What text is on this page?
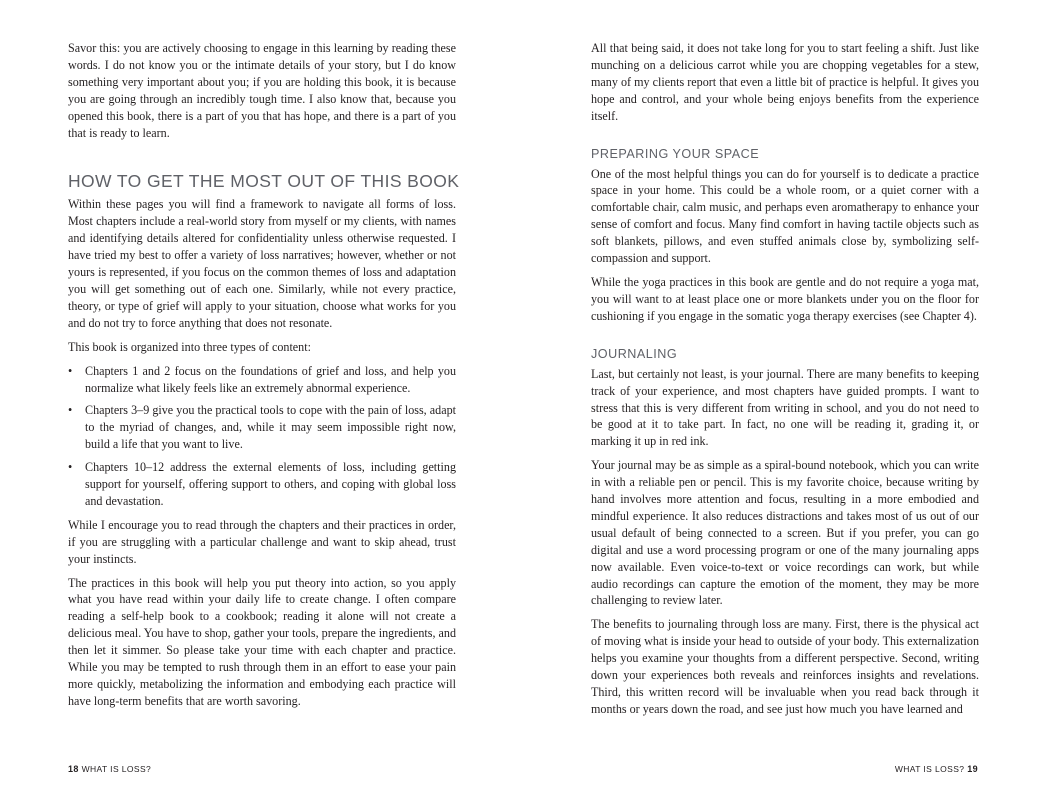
Savor this: you are actively choosing to engage in this learning by reading these words. I do not know you or the intimate details of your story, but I do know something very important about you; if you are holding this book, it is because you are going through an incredibly tough time. I also know that, because you opened this book, there is a part of you that has hope, and there is a part of you that is ready to learn.

HOW TO GET THE MOST OUT OF THIS BOOK

Within these pages you will find a framework to navigate all forms of loss. Most chapters include a real-world story from myself or my clients, with names and identifying details altered for confidentiality unless otherwise requested. I have tried my best to offer a variety of loss narratives; however, whether or not yours is represented, if you focus on the common themes of loss and adaptation you will get something out of each one. Similarly, while not every practice, theory, or type of grief will apply to your situation, choose what works for you and do not try to force anything that does not resonate.

This book is organized into three types of content:

• Chapters 1 and 2 focus on the foundations of grief and loss, and help you normalize what likely feels like an extremely abnormal experience.
• Chapters 3–9 give you the practical tools to cope with the pain of loss, adapt to the myriad of changes, and, while it may seem impossible right now, build a life that you want to live.
• Chapters 10–12 address the external elements of loss, including getting support for yourself, offering support to others, and coping with global loss and devastation.

While I encourage you to read through the chapters and their practices in order, if you are struggling with a particular challenge and want to skip ahead, trust your instincts.

The practices in this book will help you put theory into action, so you apply what you have read within your daily life to create change. I often compare reading a self-help book to a cookbook; reading it alone will not create a delicious meal. You have to shop, gather your tools, prepare the ingredients, and then let it simmer. So please take your time with each chapter and practice. While you may be tempted to rush through them in an effort to ease your pain more quickly, metabolizing the information and embodying each practice will have long-term benefits that are worth savoring.

All that being said, it does not take long for you to start feeling a shift. Just like munching on a delicious carrot while you are chopping vegetables for a stew, many of my clients report that even a little bit of practice is helpful. It gives you hope and control, and your whole being enjoys benefits from the experience itself.

PREPARING YOUR SPACE

One of the most helpful things you can do for yourself is to dedicate a practice space in your home. This could be a whole room, or a quiet corner with a comfortable chair, calm music, and perhaps even aromatherapy to enhance your sense of comfort and focus. Many find comfort in having tactile objects such as soft blankets, pillows, and even stuffed animals close by, symbolizing self-compassion and support.

While the yoga practices in this book are gentle and do not require a yoga mat, you will want to at least place one or more blankets under you on the floor for cushioning if you engage in the somatic yoga therapy exercises (see Chapter 4).

JOURNALING

Last, but certainly not least, is your journal. There are many benefits to keeping track of your experience, and most chapters have guided prompts. I want to stress that this is very different from writing in school, and you do not need to be good at it to take part. In fact, no one will be reading it, grading it, or marking it up in red ink.

Your journal may be as simple as a spiral-bound notebook, which you can write in with a reliable pen or pencil. This is my favorite choice, because writing by hand involves more attention and focus, resulting in a more embodied and mindful experience. It also reduces distractions and takes most of us out of our usual default of being connected to a screen. But if you prefer, you can go digital and use a word processing program or one of the many journaling apps now available. Even voice-to-text or voice recordings can work, but while audio recordings can capture the emotion of the moment, they may be more challenging to review later.

The benefits to journaling through loss are many. First, there is the physical act of moving what is inside your head to outside of your body. This externalization helps you examine your thoughts from a different perspective. Second, writing down your experiences both reveals and reinforces insights and revelations. Third, this written record will be invaluable when you read back through it months or years down the road, and see just how much you have learned and

18 WHAT IS LOSS?	WHAT IS LOSS? 19
